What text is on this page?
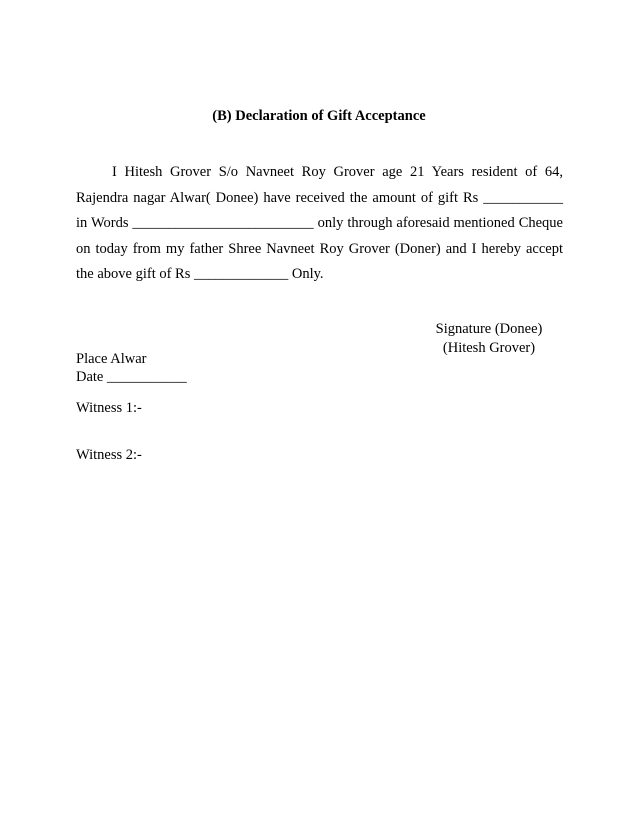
(B) Declaration of Gift Acceptance
I Hitesh Grover S/o Navneet Roy Grover age 21 Years resident of 64, Rajendra nagar Alwar( Donee) have received the amount of gift Rs ___________ in Words _________________________ only through aforesaid mentioned Cheque on today from my father Shree Navneet Roy Grover (Doner) and I hereby accept the above gift of Rs _____________ Only.
Signature (Donee)
(Hitesh Grover)
Place Alwar
Date ___________
Witness 1:-
Witness 2:-
